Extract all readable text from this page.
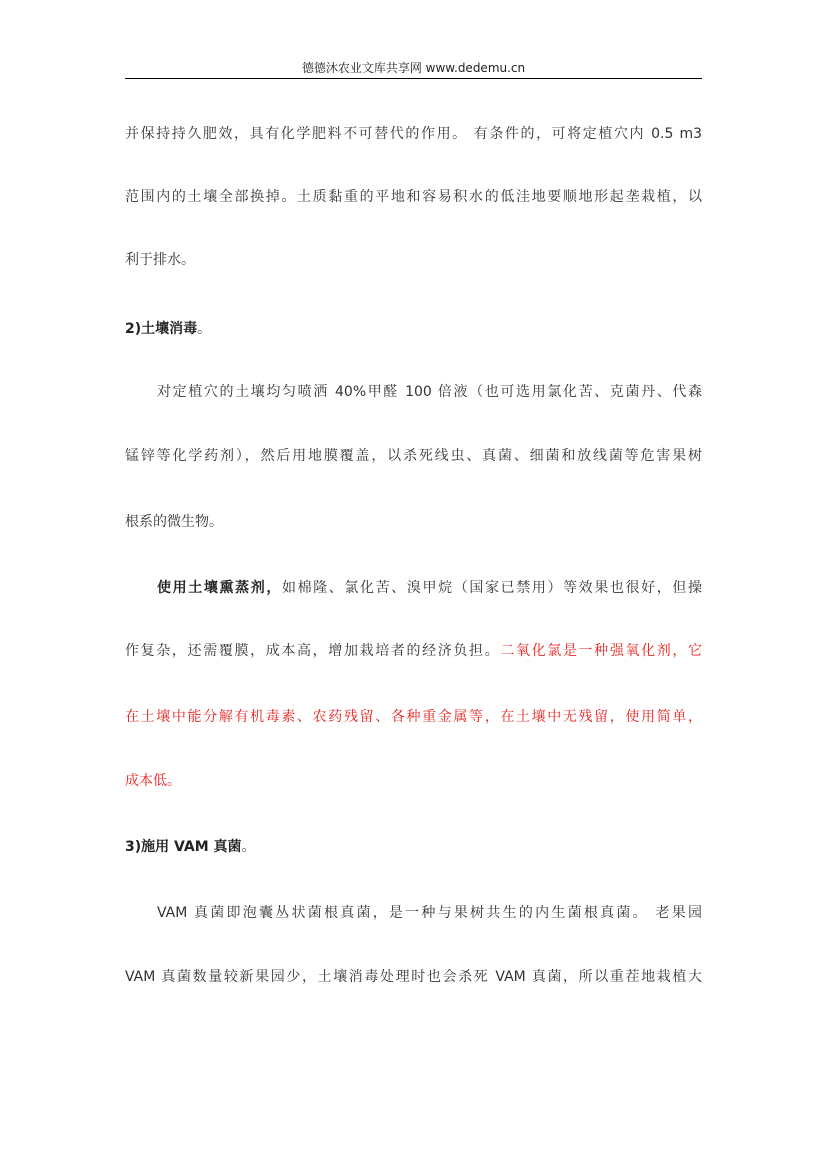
德德沐农业文库共享网 www.dedemu.cn
并保持持久肥效，具有化学肥料不可替代的作用。 有条件的，可将定植穴内 0.5 m3
范围内的土壤全部换掉。土质黏重的平地和容易积水的低洼地要顺地形起垄栽植，以
利于排水。
2)土壤消毒。
对定植穴的土壤均匀喷洒 40%甲醛 100 倍液（也可选用氯化苦、克菌丹、代森
锰锌等化学药剂），然后用地膜覆盖，以杀死线虫、真菌、细菌和放线菌等危害果树
根系的微生物。
使用土壤熏蒸剂，如棉隆、氯化苦、溴甲烷（国家已禁用）等效果也很好，但操
作复杂，还需覆膜，成本高，增加栽培者的经济负担。二氧化氯是一种强氧化剂，它
在土壤中能分解有机毒素、农药残留、各种重金属等，在土壤中无残留，使用简单，
成本低。
3)施用 VAM 真菌。
VAM 真菌即泡囊丛状菌根真菌，是一种与果树共生的内生菌根真菌。 老果园
VAM 真菌数量较新果园少，土壤消毒处理时也会杀死 VAM 真菌，所以重茬地栽植大
